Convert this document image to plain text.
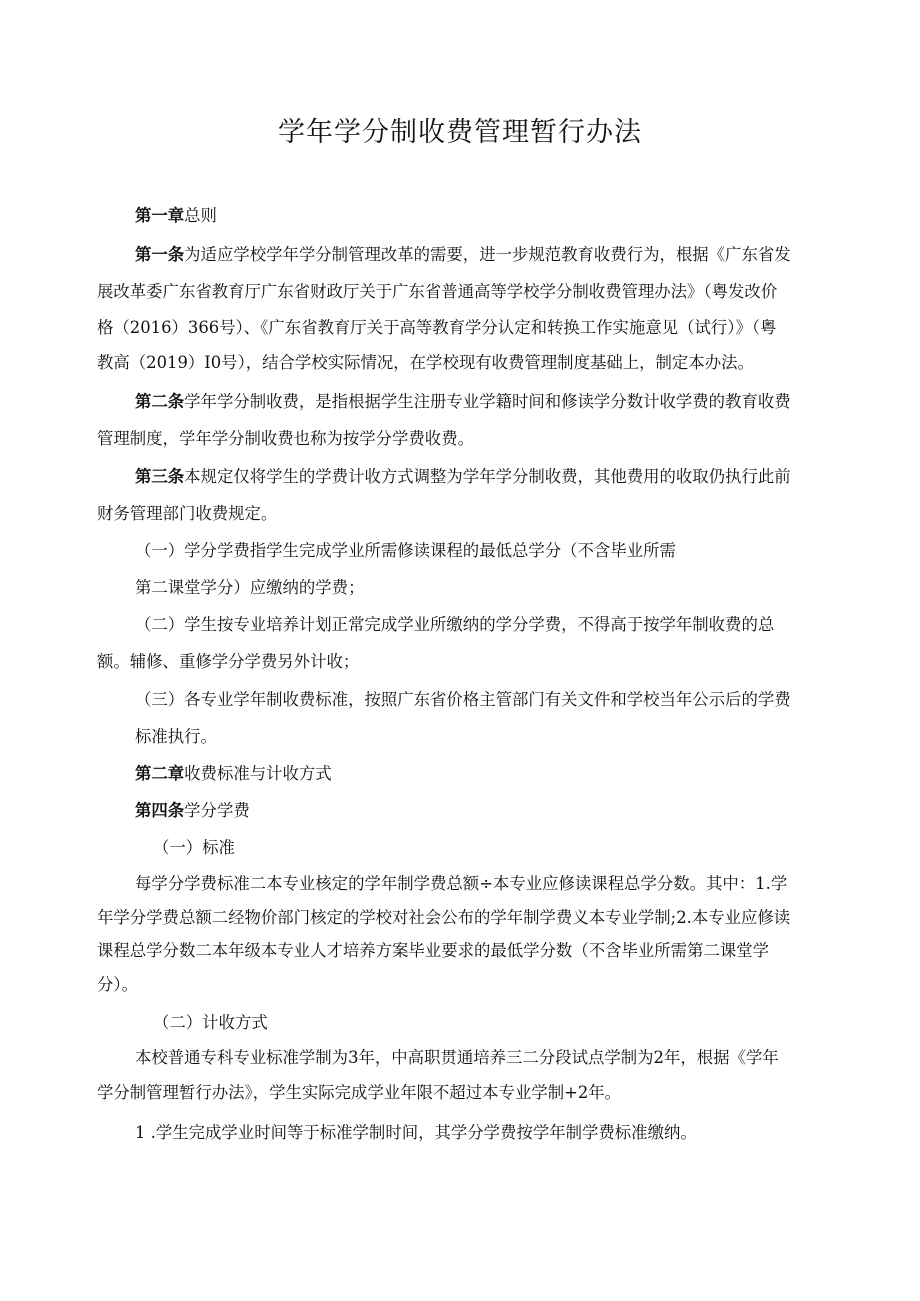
学年学分制收费管理暂行办法
第一章总则
第一条为适应学校学年学分制管理改革的需要，进一步规范教育收费行为，根据《广东省发
展改革委广东省教育厅广东省财政厅关于广东省普通高等学校学分制收费管理办法》（粤发改价
格（2016）366号）、《广东省教育厅关于高等教育学分认定和转换工作实施意见（试行）》（粤
教高（2019）I0号），结合学校实际情况，在学校现有收费管理制度基础上，制定本办法。
第二条学年学分制收费，是指根据学生注册专业学籍时间和修读学分数计收学费的教育收费
管理制度，学年学分制收费也称为按学分学费收费。
第三条本规定仅将学生的学费计收方式调整为学年学分制收费，其他费用的收取仍执行此前
财务管理部门收费规定。
（一）学分学费指学生完成学业所需修读课程的最低总学分（不含毕业所需
第二课堂学分）应缴纳的学费；
（二）学生按专业培养计划正常完成学业所缴纳的学分学费，不得高于按学年制收费的总
额。辅修、重修学分学费另外计收；
（三）各专业学年制收费标准，按照广东省价格主管部门有关文件和学校当年公示后的学费
标准执行。
第二章收费标准与计收方式
第四条学分学费
（一）标准
每学分学费标准二本专业核定的学年制学费总额÷本专业应修读课程总学分数。其中：1.学
年学分学费总额二经物价部门核定的学校对社会公布的学年制学费义本专业学制;2.本专业应修读
课程总学分数二本年级本专业人才培养方案毕业要求的最低学分数（不含毕业所需第二课堂学
分）。
（二）计收方式
本校普通专科专业标准学制为3年，中高职贯通培养三二分段试点学制为2年，根据《学年
学分制管理暂行办法》，学生实际完成学业年限不超过本专业学制+2年。
1 .学生完成学业时间等于标准学制时间，其学分学费按学年制学费标准缴纳。
